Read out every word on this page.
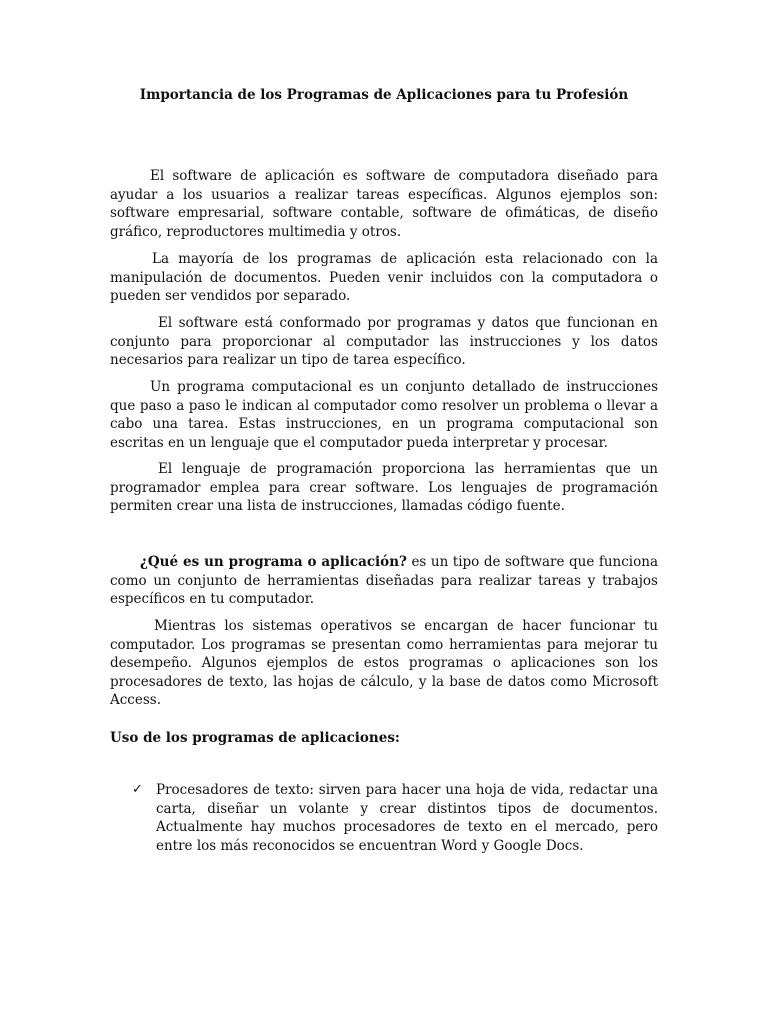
Importancia de los Programas de Aplicaciones para tu Profesión

El software de aplicación es software de computadora diseñado para ayudar a los usuarios a realizar tareas específicas. Algunos ejemplos son: software empresarial, software contable, software de ofimáticas, de diseño gráfico, reproductores multimedia y otros.

La mayoría de los programas de aplicación esta relacionado con la manipulación de documentos. Pueden venir incluidos con la computadora o pueden ser vendidos por separado.

El software está conformado por programas y datos que funcionan en conjunto para proporcionar al computador las instrucciones y los datos necesarios para realizar un tipo de tarea específico.

Un programa computacional es un conjunto detallado de instrucciones que paso a paso le indican al computador como resolver un problema o llevar a cabo una tarea. Estas instrucciones, en un programa computacional son escritas en un lenguaje que el computador pueda interpretar y procesar.

El lenguaje de programación proporciona las herramientas que un programador emplea para crear software. Los lenguajes de programación permiten crear una lista de instrucciones, llamadas código fuente.

¿Qué es un programa o aplicación? es un tipo de software que funciona como un conjunto de herramientas diseñadas para realizar tareas y trabajos específicos en tu computador.

Mientras los sistemas operativos se encargan de hacer funcionar tu computador. Los programas se presentan como herramientas para mejorar tu desempeño. Algunos ejemplos de estos programas o aplicaciones son los procesadores de texto, las hojas de cálculo, y la base de datos como Microsoft Access.

Uso de los programas de aplicaciones:
✓ Procesadores de texto: sirven para hacer una hoja de vida, redactar una carta, diseñar un volante y crear distintos tipos de documentos. Actualmente hay muchos procesadores de texto en el mercado, pero entre los más reconocidos se encuentran Word y Google Docs.
